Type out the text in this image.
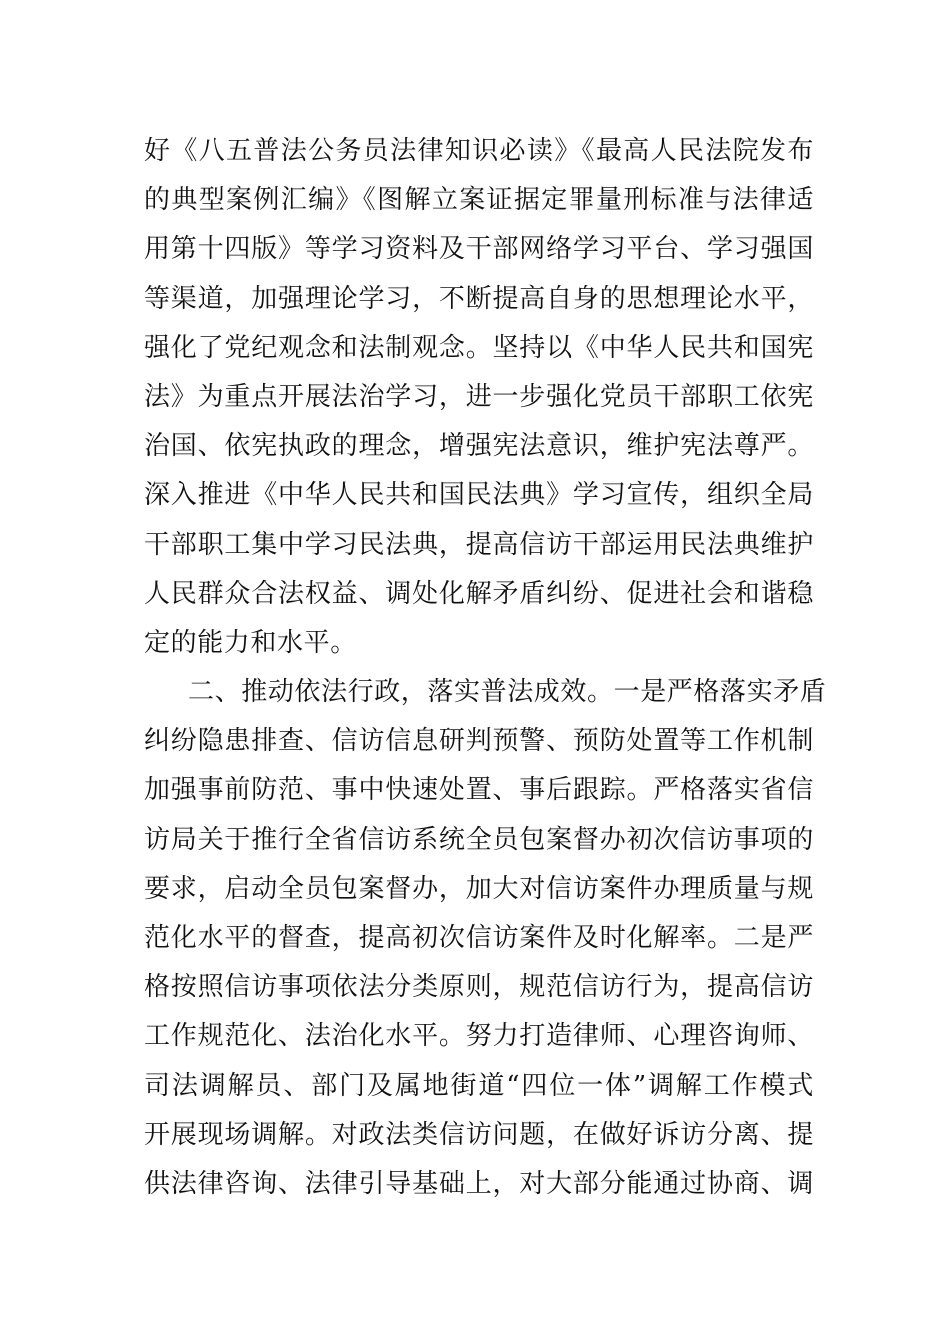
好《八五普法公务员法律知识必读》《最高人民法院发布
的典型案例汇编》《图解立案证据定罪量刑标准与法律适
用第十四版》等学习资料及干部网络学习平台、学习强国
等渠道，加强理论学习，不断提高自身的思想理论水平，
强化了党纪观念和法制观念。坚持以《中华人民共和国宪
法》为重点开展法治学习，进一步强化党员干部职工依宪
治国、依宪执政的理念，增强宪法意识，维护宪法尊严。
深入推进《中华人民共和国民法典》学习宣传，组织全局
干部职工集中学习民法典，提高信访干部运用民法典维护
人民群众合法权益、调处化解矛盾纠纷、促进社会和谐稳
定的能力和水平。
二、推动依法行政，落实普法成效。一是严格落实矛盾
纠纷隐患排查、信访信息研判预警、预防处置等工作机制
加强事前防范、事中快速处置、事后跟踪。严格落实省信
访局关于推行全省信访系统全员包案督办初次信访事项的
要求，启动全员包案督办，加大对信访案件办理质量与规
范化水平的督查，提高初次信访案件及时化解率。二是严
格按照信访事项依法分类原则，规范信访行为，提高信访
工作规范化、法治化水平。努力打造律师、心理咨询师、
司法调解员、部门及属地街道“四位一体”调解工作模式
开展现场调解。对政法类信访问题，在做好诉访分离、提
供法律咨询、法律引导基础上，对大部分能通过协商、调
